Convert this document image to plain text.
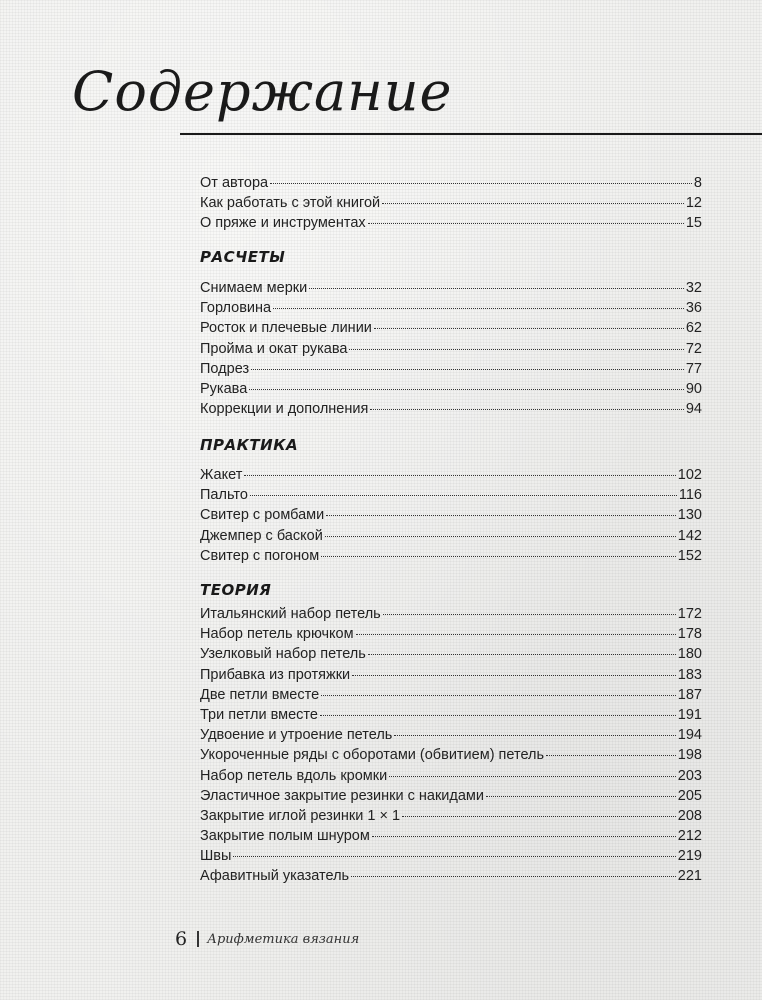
Содержание
От автора	8
Как работать с этой книгой	12
О пряже и инструментах	15
РАСЧЕТЫ
Снимаем мерки	32
Горловина	36
Росток и плечевые линии	62
Пройма и окат рукава	72
Подрез	77
Рукава	90
Коррекции и дополнения	94
ПРАКТИКА
Жакет	102
Пальто	116
Свитер с ромбами	130
Джемпер с баской	142
Свитер с погоном	152
ТЕОРИЯ
Итальянский набор петель	172
Набор петель крючком	178
Узелковый набор петель	180
Прибавка из протяжки	183
Две петли вместе	187
Три петли вместе	191
Удвоение и утроение петель	194
Укороченные ряды с оборотами (обвитием) петель	198
Набор петель вдоль кромки	203
Эластичное закрытие резинки с накидами	205
Закрытие иглой резинки 1 × 1	208
Закрытие полым шнуром	212
Швы	219
Афавитный указатель	221
6 Арифметика вязания
